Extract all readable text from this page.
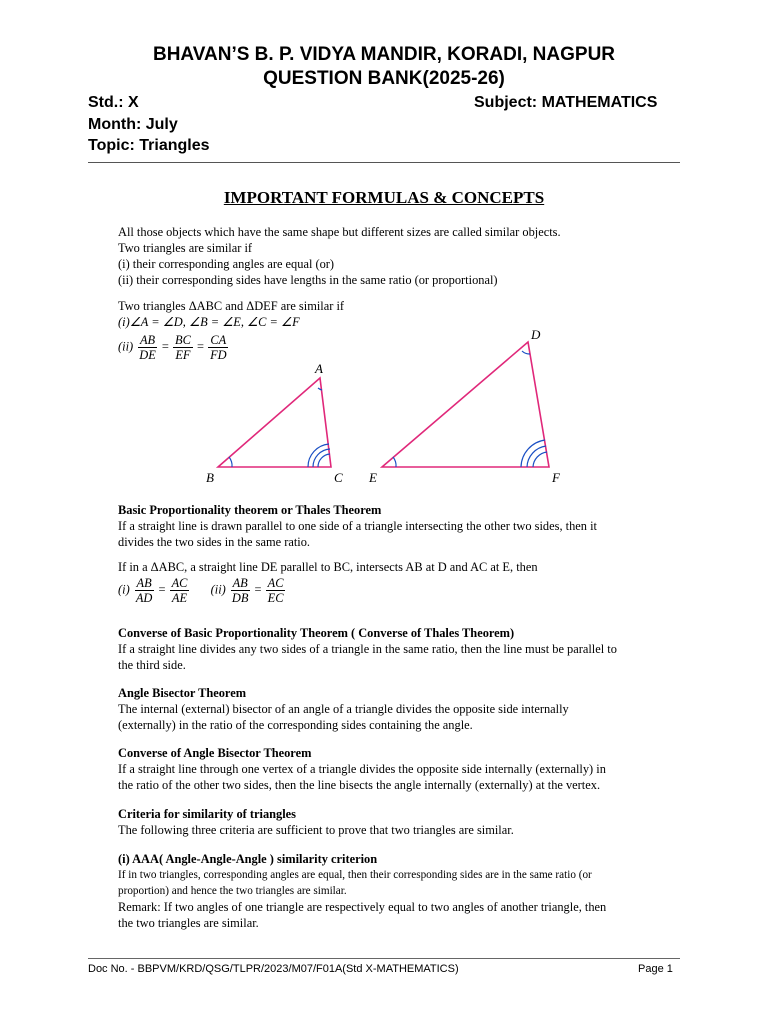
BHAVAN’S B. P. VIDYA MANDIR, KORADI, NAGPUR
QUESTION BANK(2025-26)
Std.: X	Subject: MATHEMATICS
Month: July
Topic: Triangles
IMPORTANT FORMULAS & CONCEPTS
All those objects which have the same shape but different sizes are called similar objects.
Two triangles are similar if
(i) their corresponding angles are equal (or)
(ii) their corresponding sides have lengths in the same ratio (or proportional)
Two triangles ΔABC and ΔDEF are similar if
(i)∠A = ∠D, ∠B = ∠E, ∠C = ∠F
$(ii) \frac{AB}{DE} = \frac{BC}{EF} = \frac{CA}{FD}$
A
B	C
D
E	F
Basic Proportionality theorem or Thales Theorem
If a straight line is drawn parallel to one side of a triangle intersecting the other two sides, then it
divides the two sides in the same ratio.
If in a ΔABC, a straight line DE parallel to BC, intersects AB at D and AC at E, then
$(i) \frac{AB}{AD} = \frac{AC}{AE} (ii) \frac{AB}{DB} = \frac{AC}{EC}$
Converse of Basic Proportionality Theorem ( Converse of Thales Theorem)
If a straight line divides any two sides of a triangle in the same ratio, then the line must be parallel to
the third side.
Angle Bisector Theorem
The internal (external) bisector of an angle of a triangle divides the opposite side internally
(externally) in the ratio of the corresponding sides containing the angle.
Converse of Angle Bisector Theorem
If a straight line through one vertex of a triangle divides the opposite side internally (externally) in
the ratio of the other two sides, then the line bisects the angle internally (externally) at the vertex.
Criteria for similarity of triangles
The following three criteria are sufficient to prove that two triangles are similar.
(i) AAA( Angle-Angle-Angle ) similarity criterion
If in two triangles, corresponding angles are equal, then their corresponding sides are in the same ratio (or
proportion) and hence the two triangles are similar.
Remark: If two angles of one triangle are respectively equal to two angles of another triangle, then
the two triangles are similar.
Doc No. - BBPVM/KRD/QSG/TLPR/2023/M07/F01A(Std X-MATHEMATICS)	Page 1
